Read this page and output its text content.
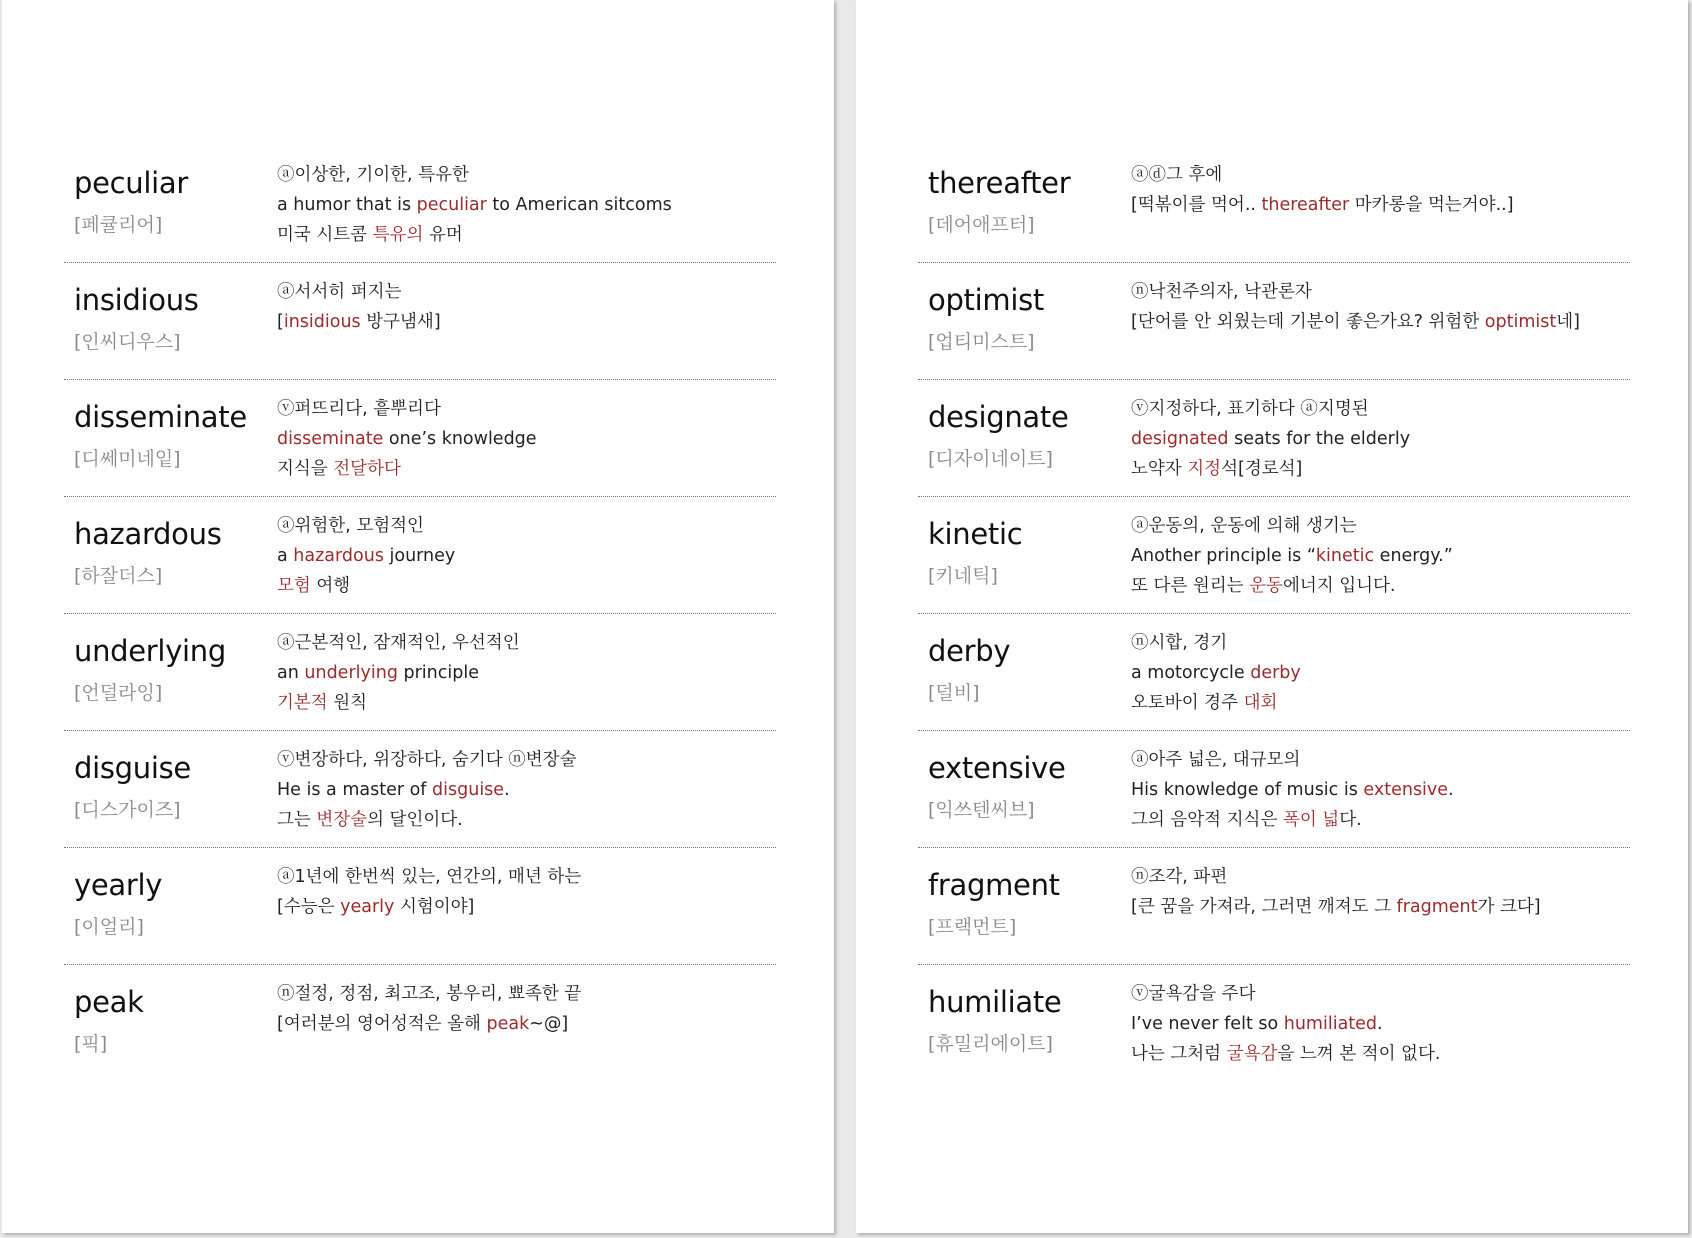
peculiar
[페큘리어]
ⓐ이상한, 기이한, 특유한
a humor that is peculiar to American sitcoms
미국 시트콤 특유의 유머
insidious
[인씨디우스]
ⓐ서서히 퍼지는
[insidious 방구냄새]
disseminate
[디쎄미네잍]
ⓥ퍼뜨리다, 흩뿌리다
disseminate one’s knowledge
지식을 전달하다
hazardous
[하잘더스]
ⓐ위험한, 모험적인
a hazardous journey
모험 여행
underlying
[언덜라잉]
ⓐ근본적인, 잠재적인, 우선적인
an underlying principle
기본적 원칙
disguise
[디스가이즈]
ⓥ변장하다, 위장하다, 숨기다 ⓝ변장술
He is a master of disguise.
그는 변장술의 달인이다.
yearly
[이얼리]
ⓐ1년에 한번씩 있는, 연간의, 매년 하는
[수능은 yearly 시험이야]
peak
[픽]
ⓝ절정, 정점, 최고조, 봉우리, 뾰족한 끝
[여러분의 영어성적은 올해 peak~@]
thereafter
[데어애프터]
ⓐⓓ그 후에
[떡볶이를 먹어.. thereafter 마카롱을 먹는거야..]
optimist
[업티미스트]
ⓝ낙천주의자, 낙관론자
[단어를 안 외웠는데 기분이 좋은가요? 위험한 optimist네]
designate
[디자이네이트]
ⓥ지정하다, 표기하다 ⓐ지명된
designated seats for the elderly
노약자 지정석[경로석]
kinetic
[키네틱]
ⓐ운동의, 운동에 의해 생기는
Another principle is “kinetic energy.”
또 다른 원리는 운동에너지 입니다.
derby
[덜비]
ⓝ시합, 경기
a motorcycle derby
오토바이 경주 대회
extensive
[익쓰텐씨브]
ⓐ아주 넓은, 대규모의
His knowledge of music is extensive.
그의 음악적 지식은 폭이 넓다.
fragment
[프랙먼트]
ⓝ조각, 파편
[큰 꿈을 가져라, 그러면 깨져도 그 fragment가 크다]
humiliate
[휴밀리에이트]
ⓥ굴욕감을 주다
I’ve never felt so humiliated.
나는 그처럼 굴욕감을 느껴 본 적이 없다.
